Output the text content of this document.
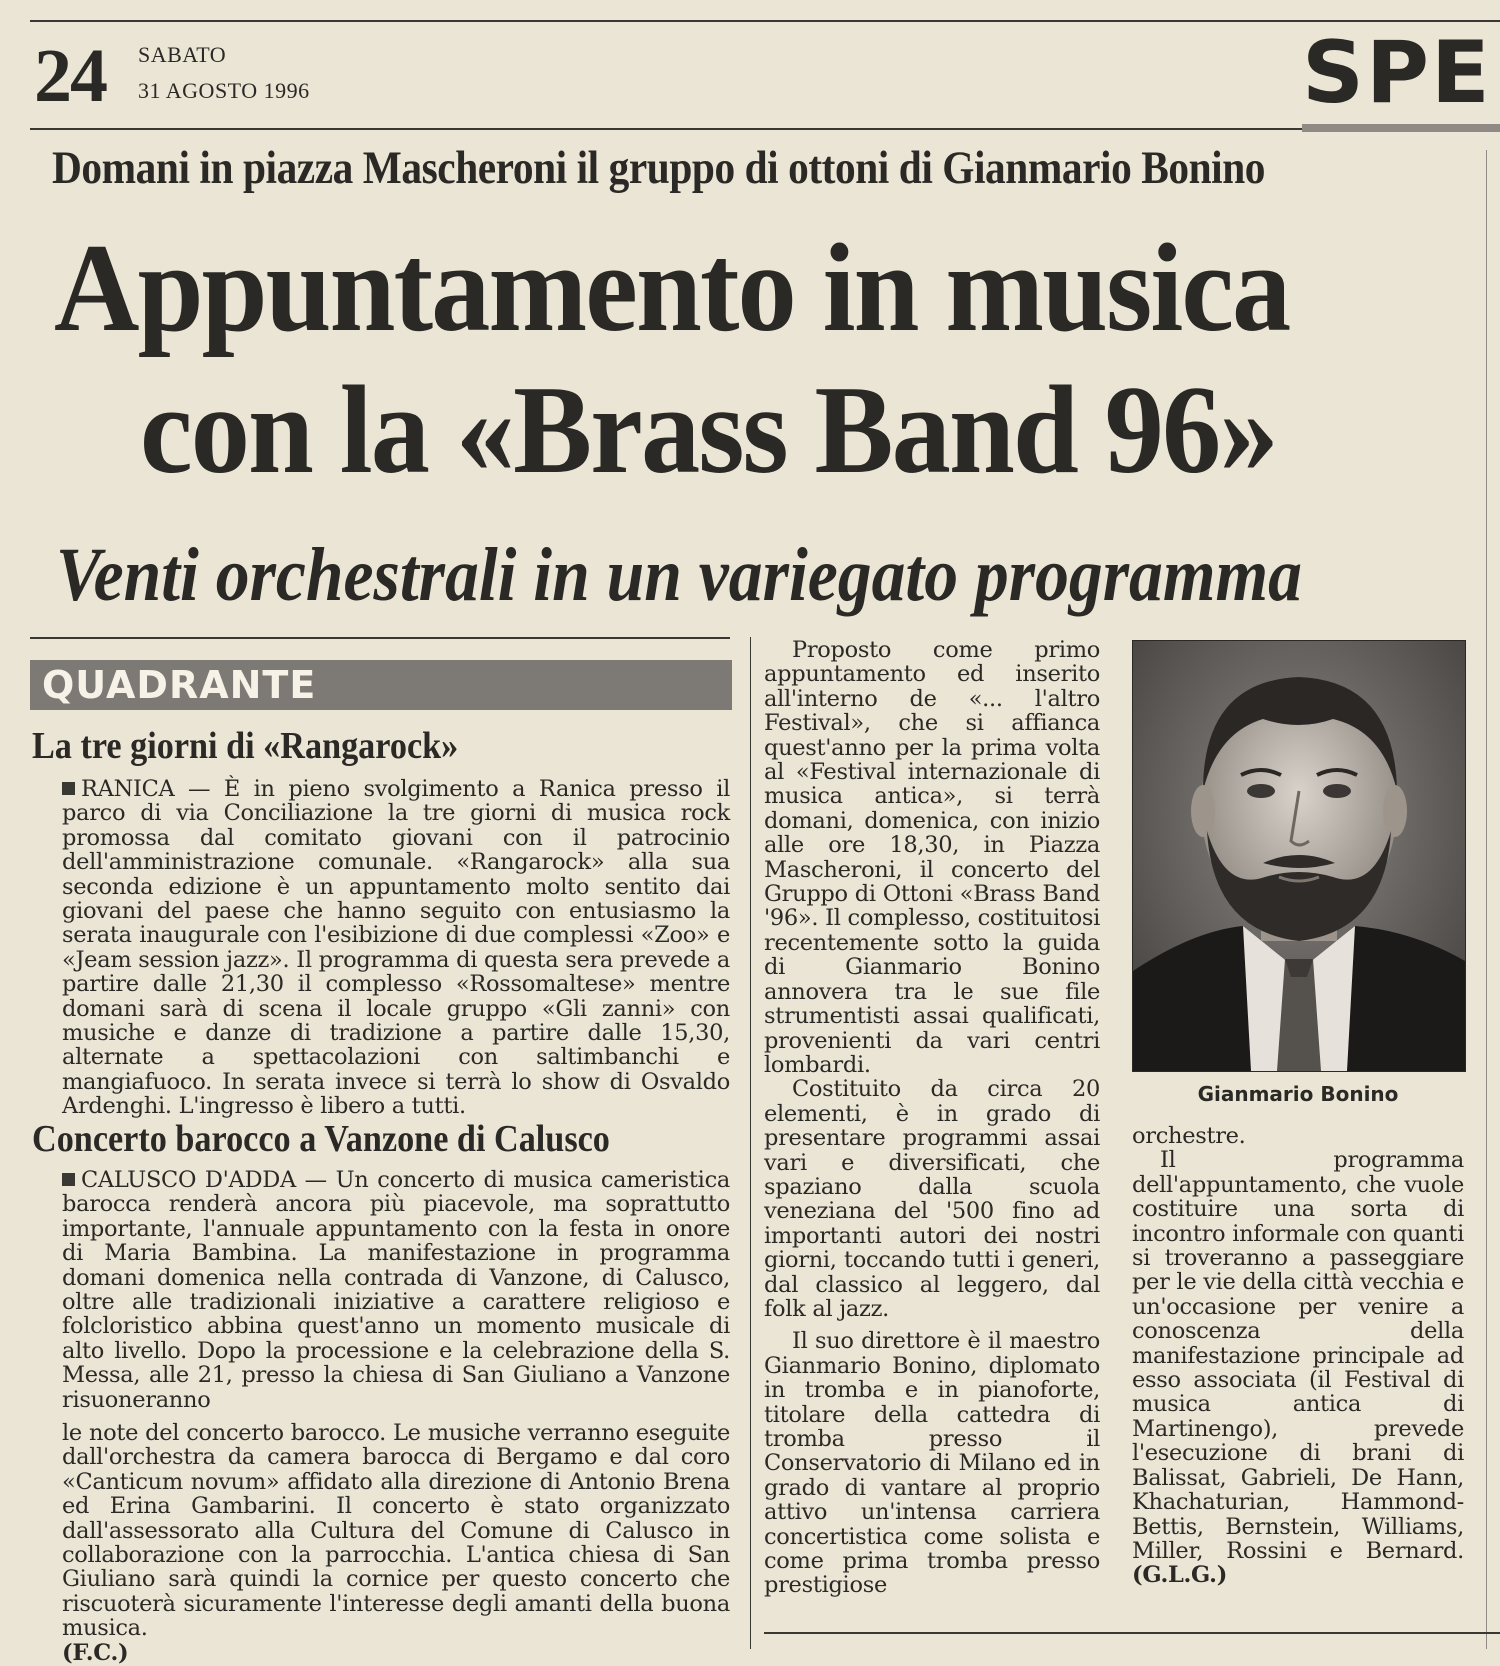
24 SABATO
31 AGOSTO 1996	SPE
Domani in piazza Mascheroni il gruppo di ottoni di Gianmario Bonino
Appuntamento in musica
con la «Brass Band 96»
Venti orchestrali in un variegato programma
QUADRANTE
La tre giorni di «Rangarock»

RANICA — È in pieno svolgimento a Ranica presso il parco di via Conciliazione la tre giorni di musica rock promossa dal comitato giovani con il patrocinio dell'amministrazione comunale. «Rangarock» alla sua seconda edizione è un appuntamento molto sentito dai giovani del paese che hanno seguito con entusiasmo la serata inaugurale con l'esibizione di due complessi «Zoo» e «Jeam session jazz». Il programma di questa sera prevede a partire dalle 21,30 il complesso «Rossomaltese» mentre domani sarà di scena il locale gruppo «Gli zanni» con musiche e danze di tradizione a partire dalle 15,30, alternate a spettacolazioni con saltimbanchi e mangiafuoco. In serata invece si terrà lo show di Osvaldo Ardenghi. L'ingresso è libero a tutti.

Concerto barocco a Vanzone di Calusco

CALUSCO D'ADDA — Un concerto di musica cameristica barocca renderà ancora più piacevole, ma soprattutto importante, l'annuale appuntamento con la festa in onore di Maria Bambina. La manifestazione in programma domani domenica nella contrada di Vanzone, di Calusco, oltre alle tradizionali iniziative a carattere religioso e folcloristico abbina quest'anno un momento musicale di alto livello. Dopo la processione e la celebrazione della S. Messa, alle 21, presso la chiesa di San Giuliano a Vanzone risuoneranno

le note del concerto barocco. Le musiche verranno eseguite dall'orchestra da camera barocca di Bergamo e dal coro «Canticum novum» affidato alla direzione di Antonio Brena ed Erina Gambarini. Il concerto è stato organizzato dall'assessorato alla Cultura del Comune di Calusco in collaborazione con la parrocchia. L'antica chiesa di San Giuliano sarà quindi la cornice per questo concerto che riscuoterà sicuramente l'interesse degli amanti della buona musica.

(F.C.)

Proposto come primo appuntamento ed inserito all'interno de «... l'altro Festival», che si affianca quest'anno per la prima volta al «Festival internazionale di musica antica», si terrà domani, domenica, con inizio alle ore 18,30, in Piazza Mascheroni, il concerto del Gruppo di Ottoni «Brass Band '96». Il complesso, costituitosi recentemente sotto la guida di Gianmario Bonino annovera tra le sue file strumentisti assai qualificati, provenienti da vari centri lombardi.

Costituito da circa 20 elementi, è in grado di presentare programmi assai vari e diversificati, che spaziano dalla scuola veneziana del '500 fino ad importanti autori dei nostri giorni, toccando tutti i generi, dal classico al leggero, dal folk al jazz.

Il suo direttore è il maestro Gianmario Bonino, diplomato in tromba e in pianoforte, titolare della cattedra di tromba presso il Conservatorio di Milano ed in grado di vantare al proprio attivo un'intensa carriera concertistica come solista e come prima tromba presso prestigiose

Gianmario Bonino

orchestre.

Il programma dell'appuntamento, che vuole costituire una sorta di incontro informale con quanti si troveranno a passeggiare per le vie della città vecchia e un'occasione per venire a conoscenza della manifestazione principale ad esso associata (il Festival di musica antica di Martinengo), prevede l'esecuzione di brani di Balissat, Gabrieli, De Hann, Khachaturian, Hammond-Bettis, Bernstein, Williams, Miller, Rossini e Bernard. (G.L.G.)
